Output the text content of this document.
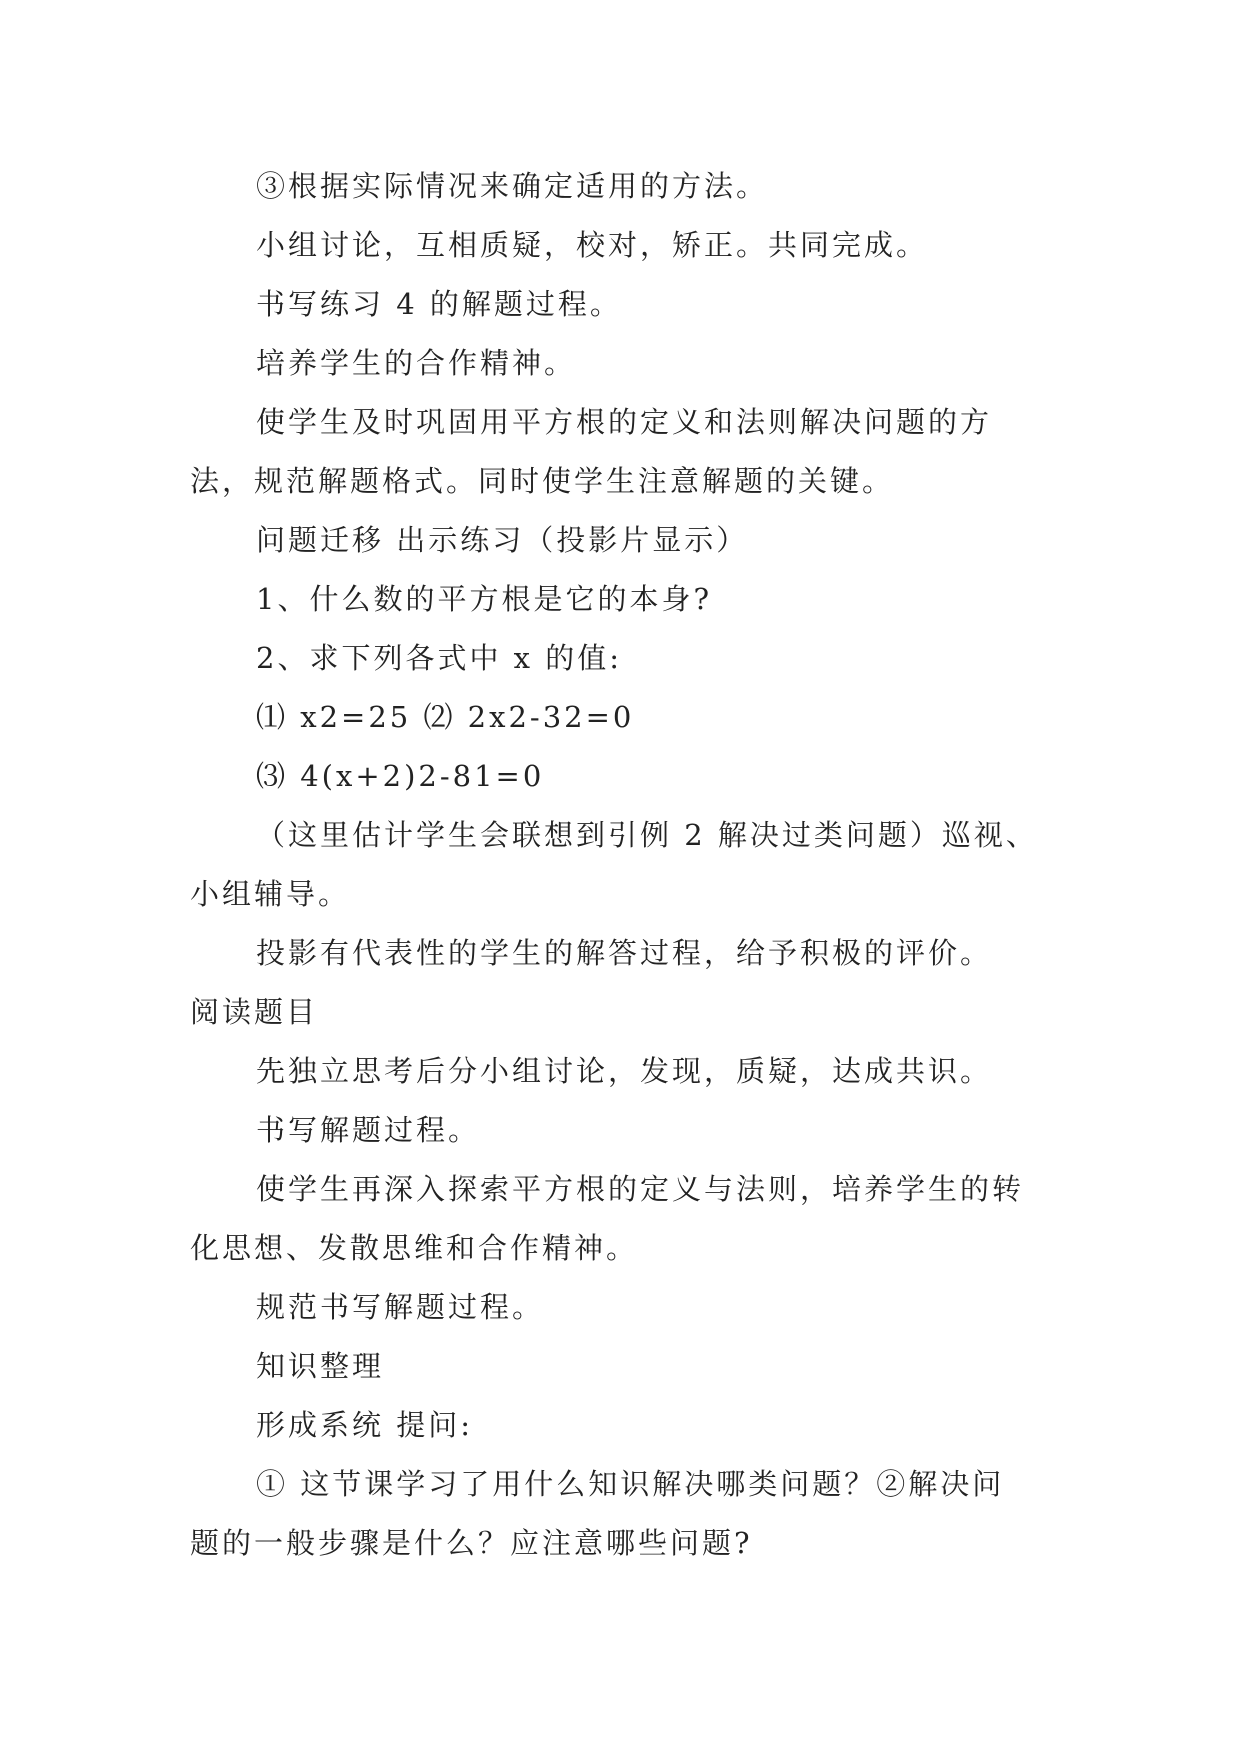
③根据实际情况来确定适用的方法。
小组讨论，互相质疑，校对，矫正。共同完成。
书写练习 4 的解题过程。
培养学生的合作精神。
使学生及时巩固用平方根的定义和法则解决问题的方
法，规范解题格式。同时使学生注意解题的关键。
问题迁移 出示练习（投影片显示）
1、什么数的平方根是它的本身?
2、求下列各式中 x 的值:
⑴ x2=25 ⑵ 2x2-32=0
⑶ 4(x+2)2-81=0
（这里估计学生会联想到引例 2 解决过类问题）巡视、
小组辅导。
投影有代表性的学生的解答过程，给予积极的评价。
阅读题目
先独立思考后分小组讨论，发现，质疑，达成共识。
书写解题过程。
使学生再深入探索平方根的定义与法则，培养学生的转
化思想、发散思维和合作精神。
规范书写解题过程。
知识整理
形成系统 提问:
① 这节课学习了用什么知识解决哪类问题？②解决问
题的一般步骤是什么？应注意哪些问题?
